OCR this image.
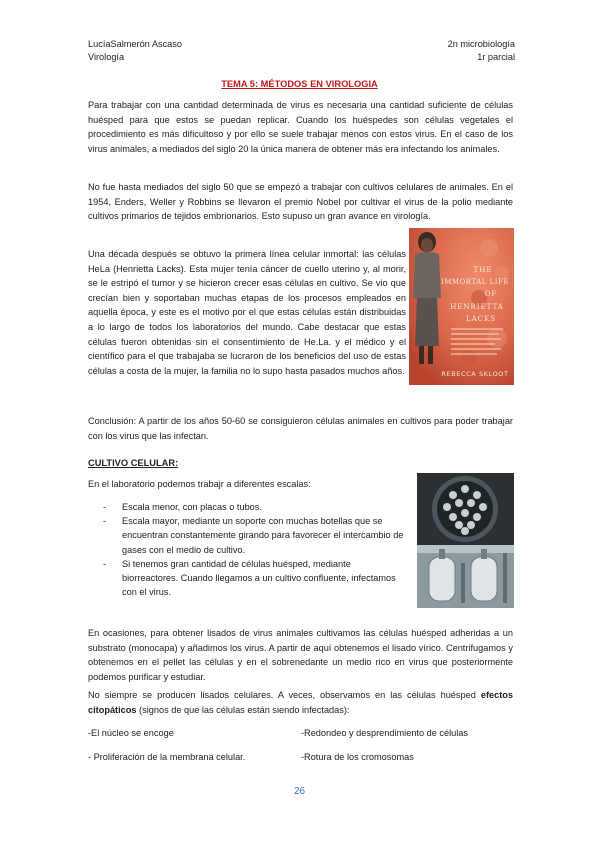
LucíaSalmerón Ascaso
Virología
2n microbiología
1r parcial
TEMA 5: MÉTODOS EN VIROLOGIA
Para trabajar con una cantidad determinada de virus es necesaria una cantidad suficiente de células huésped para que estos se puedan replicar. Cuando los huéspedes son células vegetales el procedimiento es más dificultoso y por ello se suele trabajar menos con estos virus. En el caso de los virus animales, a mediados del siglo 20 la única manera de obtener más era infectando los animales.
No fue hasta mediados del siglo 50 que se empezó a trabajar con cultivos celulares de animales. En el 1954, Enders, Weller y Robbins se llevaron el premio Nobel por cultivar el virus de la polio mediante cultivos primarios de tejidos embrionarios. Esto supuso un gran avance en virología.
Una década después se obtuvo la primera línea celular inmortal: las células HeLa (Henrietta Lacks). Esta mujer tenía cáncer de cuello uterino y, al morir, se le estripó el tumor y se hicieron crecer esas células en cultivo. Se vio que crecían bien y soportaban muchas etapas de los procesos empleados en aquella época, y este es el motivo por el que estas células están distribuidas a lo largo de todos los laboratorios del mundo. Cabe destacar que estas células fueron obtenidas sin el consentimiento de He.La. y el médico y el científico para el que trabajaba se lucraron de los beneficios del uso de estas células a costa de la mujer, la familia no lo supo hasta pasados muchos años.
THE
IMMORTAL LIFE
OF
HENRIETTA
LACKS
REBECCA SKLOOT
Conclusión: A partir de los años 50-60 se consiguieron células animales en cultivos para poder trabajar con los virus que las infectan.
CULTIVO CELULAR:
En el laboratorio podemos trabajr a diferentes escalas:
- Escala menor, con placas o tubos.
- Escala mayor, mediante un soporte con muchas botellas que se encuentran constantemente girando para favorecer el intercambio de gases con el medio de cultivo.
- Si tenemos gran cantidad de células huésped, mediante biorreactores. Cuando llegamos a un cultivo confluente, infectamos con el virus.
En ocasiones, para obtener lisados de virus animales cultivamos las células huésped adheridas a un substrato (monocapa) y añadimos los virus. A partir de aquí obtenemos el lisado vírico. Centrifugamos y obtenemos en el pellet las células y en el sobrenedante un medio rico en virus que posteriormente podemos purificar y estudiar.
No siempre se producen lisados celulares. A veces, observamos en las células huésped efectos citopáticos (signos de que las células están siendo infectadas):
-El núcleo se encoge	-Redondeo y desprendimiento de células
- Proliferación de la membrana celular.	-Rotura de los cromosomas
26
